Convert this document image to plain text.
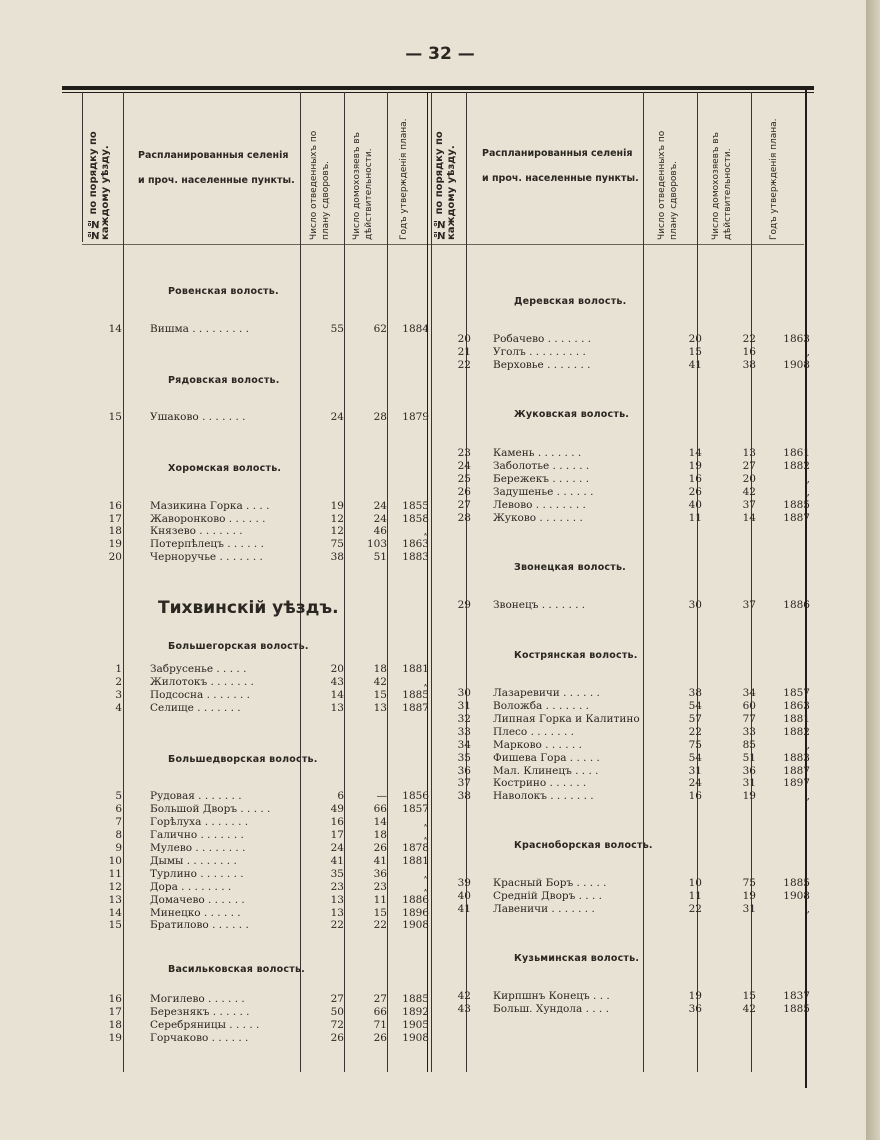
— 32 —
№№ по порядку по каждому уѣзду.	Распланированныя селенія
и проч. населенные пункты. Число отведенныхъ по плану сдворовъ.	Число домохозяевъ въ дѣйствительности.	Годъ утвержденія плана.	№№ по порядку по каждому уѣзду.	Распланированныя селенія
и проч. населенные пункты. Число отведенныхъ по плану сдворовъ.	Число домохозяевъ въ дѣйствительности.	Годъ утвержденія плана.
Ровенская волость.
14	Вишма . . . . . . . . .	55	62	1884
Рядовская волость.
15	Ушаково . . . . . . .	24	28	1879
Хоромская волость.
16	Мазикина Горка . . . .	19	24	1855
17	Жаворонково . . . . . .	12	24	1858
18	Князево . . . . . . .	12	46	„
19	Потерпѣлецъ . . . . . .	75	103	1863
20	Черноручье . . . . . . .	38	51	1883
Тихвинскій уѣздъ.
Большегорская волость.
1	Забрусенье . . . . .	20	18	1881
2	Жилотокъ . . . . . . .	43	42	„
3	Подсосна . . . . . . .	14	15	1885
4	Селище . . . . . . .	13	13	1887
Большедворская волость.
5	Рудовая . . . . . . .	6	—	1856
6	Большой Дворъ . . . . .	49	66	1857
7	Горѣлуха . . . . . . .	16	14	„
8	Галично . . . . . . .	17	18	„
9	Мулево . . . . . . . .	24	26	1878
10	Дымы . . . . . . . .	41	41	1881
11	Турлино . . . . . . .	35	36	„
12	Дора . . . . . . . .	23	23	„
13	Домачево . . . . . .	13	11	1886
14	Минецко . . . . . .	13	15	1896
15	Братилово . . . . . .	22	22	1908
Васильковская волость.
16	Могилево . . . . . .	27	27	1885
17	Березнякъ . . . . . .	50	66	1892
18	Серебряницы . . . . .	72	71	1905
19	Горчаково . . . . . .	26	26	1908
Деревская волость.
20 Робачево . . . . . . .	20	22	1863
21 Уголъ . . . . . . . . .	15	16	„
22 Верховье . . . . . . .	41	38	1908
Жуковская волость.
23 Камень . . . . . . .	14	13	1861
24 Заболотье . . . . . .	19	27	1882
25 Бережекъ . . . . . .	16	20	„
26 Задушенье . . . . . .	26	42	„
27 Левово . . . . . . . .	40	37	1885
28 Жуково . . . . . . .	11	14	1887
Звонецкая волость.
29 Звонецъ . . . . . . .	30	37	1886
Кострянская волость.
30 Лазаревичи . . . . . .	38	34	1857
31 Воложба . . . . . . .	54	60	1863
32 Липная Горка и Калитино	57	77	1881
33 Плесо . . . . . . .	22	33	1882
34 Марково . . . . . .	75	85	„
35 Фишева Гора . . . . .	54	51	1883
36 Мал. Клинецъ . . . .	31	36	1887
37 Кострино . . . . . .	24	31	1897
38 Наволокъ . . . . . . .	16	19	„
Красноборская волость.
39 Красный Боръ . . . . .	10	75	1885
40 Средній Дворъ . . . .	11	19	1908
41 Лавеничи . . . . . . .	22	31	„
Кузьминская волость.
42 Кирпшнъ Конецъ . . .	19	15	1837
43 Больш. Хундола . . . .	36	42	1885
